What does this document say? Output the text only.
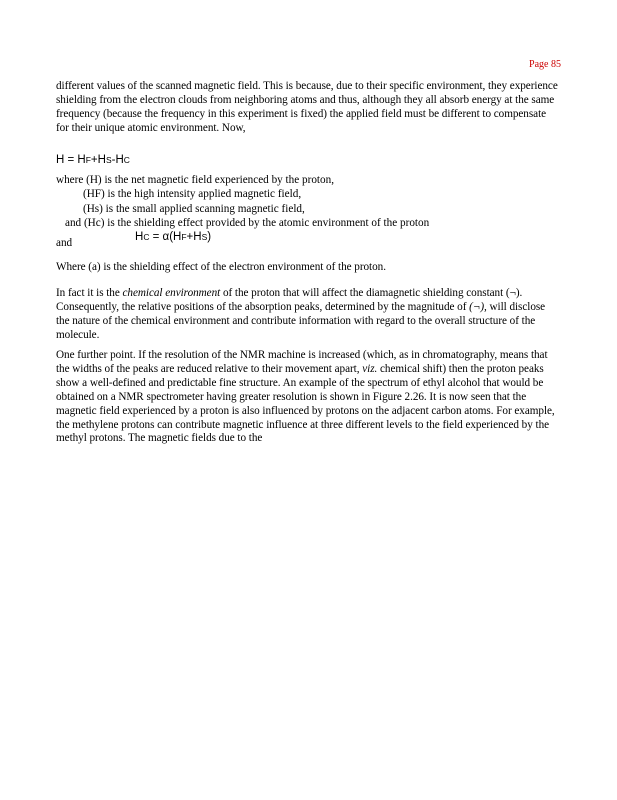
Page 85
different values of the scanned magnetic field. This is because, due to their specific environment, they experience shielding from the electron clouds from neighboring atoms and thus, although they all absorb energy at the same frequency (because the frequency in this experiment is fixed) the applied field must be different to compensate for their unique atomic environment. Now,
H = HF+HS-HC
where (H) is the net magnetic field experienced by the proton,
(HF) is the high intensity applied magnetic field,
(Hs) is the small applied scanning magnetic field,
and (Hc) is the shielding effect provided by the atomic environment of the proton
and	HC = α(HF+HS)
Where (a) is the shielding effect of the electron environment of the proton.
In fact it is the chemical environment of the proton that will affect the diamagnetic shielding constant (¬). Consequently, the relative positions of the absorption peaks, determined by the magnitude of (¬), will disclose the nature of the chemical environment and contribute information with regard to the overall structure of the molecule.
One further point. If the resolution of the NMR machine is increased (which, as in chromatography, means that the widths of the peaks are reduced relative to their movement apart, viz. chemical shift) then the proton peaks show a well-defined and predictable fine structure. An example of the spectrum of ethyl alcohol that would be obtained on a NMR spectrometer having greater resolution is shown in Figure 2.26. It is now seen that the magnetic field experienced by a proton is also influenced by protons on the adjacent carbon atoms. For example, the methylene protons can contribute magnetic influence at three different levels to the field experienced by the methyl protons. The magnetic fields due to the
